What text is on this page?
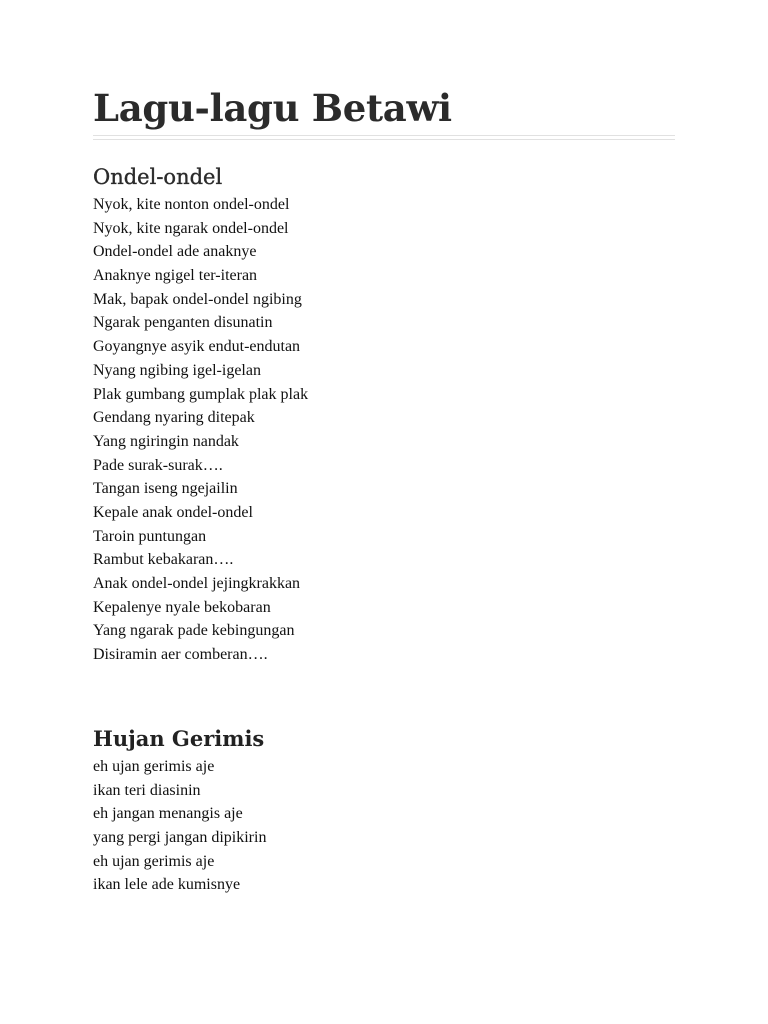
Lagu-lagu Betawi
Ondel-ondel
Nyok, kite nonton ondel-ondel
Nyok, kite ngarak ondel-ondel
Ondel-ondel ade anaknye
Anaknye ngigel ter-iteran
Mak, bapak ondel-ondel ngibing
Ngarak penganten disunatin
Goyangnye asyik endut-endutan
Nyang ngibing igel-igelan
Plak gumbang gumplak plak plak
Gendang nyaring ditepak
Yang ngiringin nandak
Pade surak-surak….
Tangan iseng ngejailin
Kepale anak ondel-ondel
Taroin puntungan
Rambut kebakaran….
Anak ondel-ondel jejingkrakkan
Kepalenye nyale bekobaran
Yang ngarak pade kebingungan
Disiramin aer comberan….
Hujan Gerimis
eh ujan gerimis aje
ikan teri diasinin
eh jangan menangis aje
yang pergi jangan dipikirin
eh ujan gerimis aje
ikan lele ade kumisnye
